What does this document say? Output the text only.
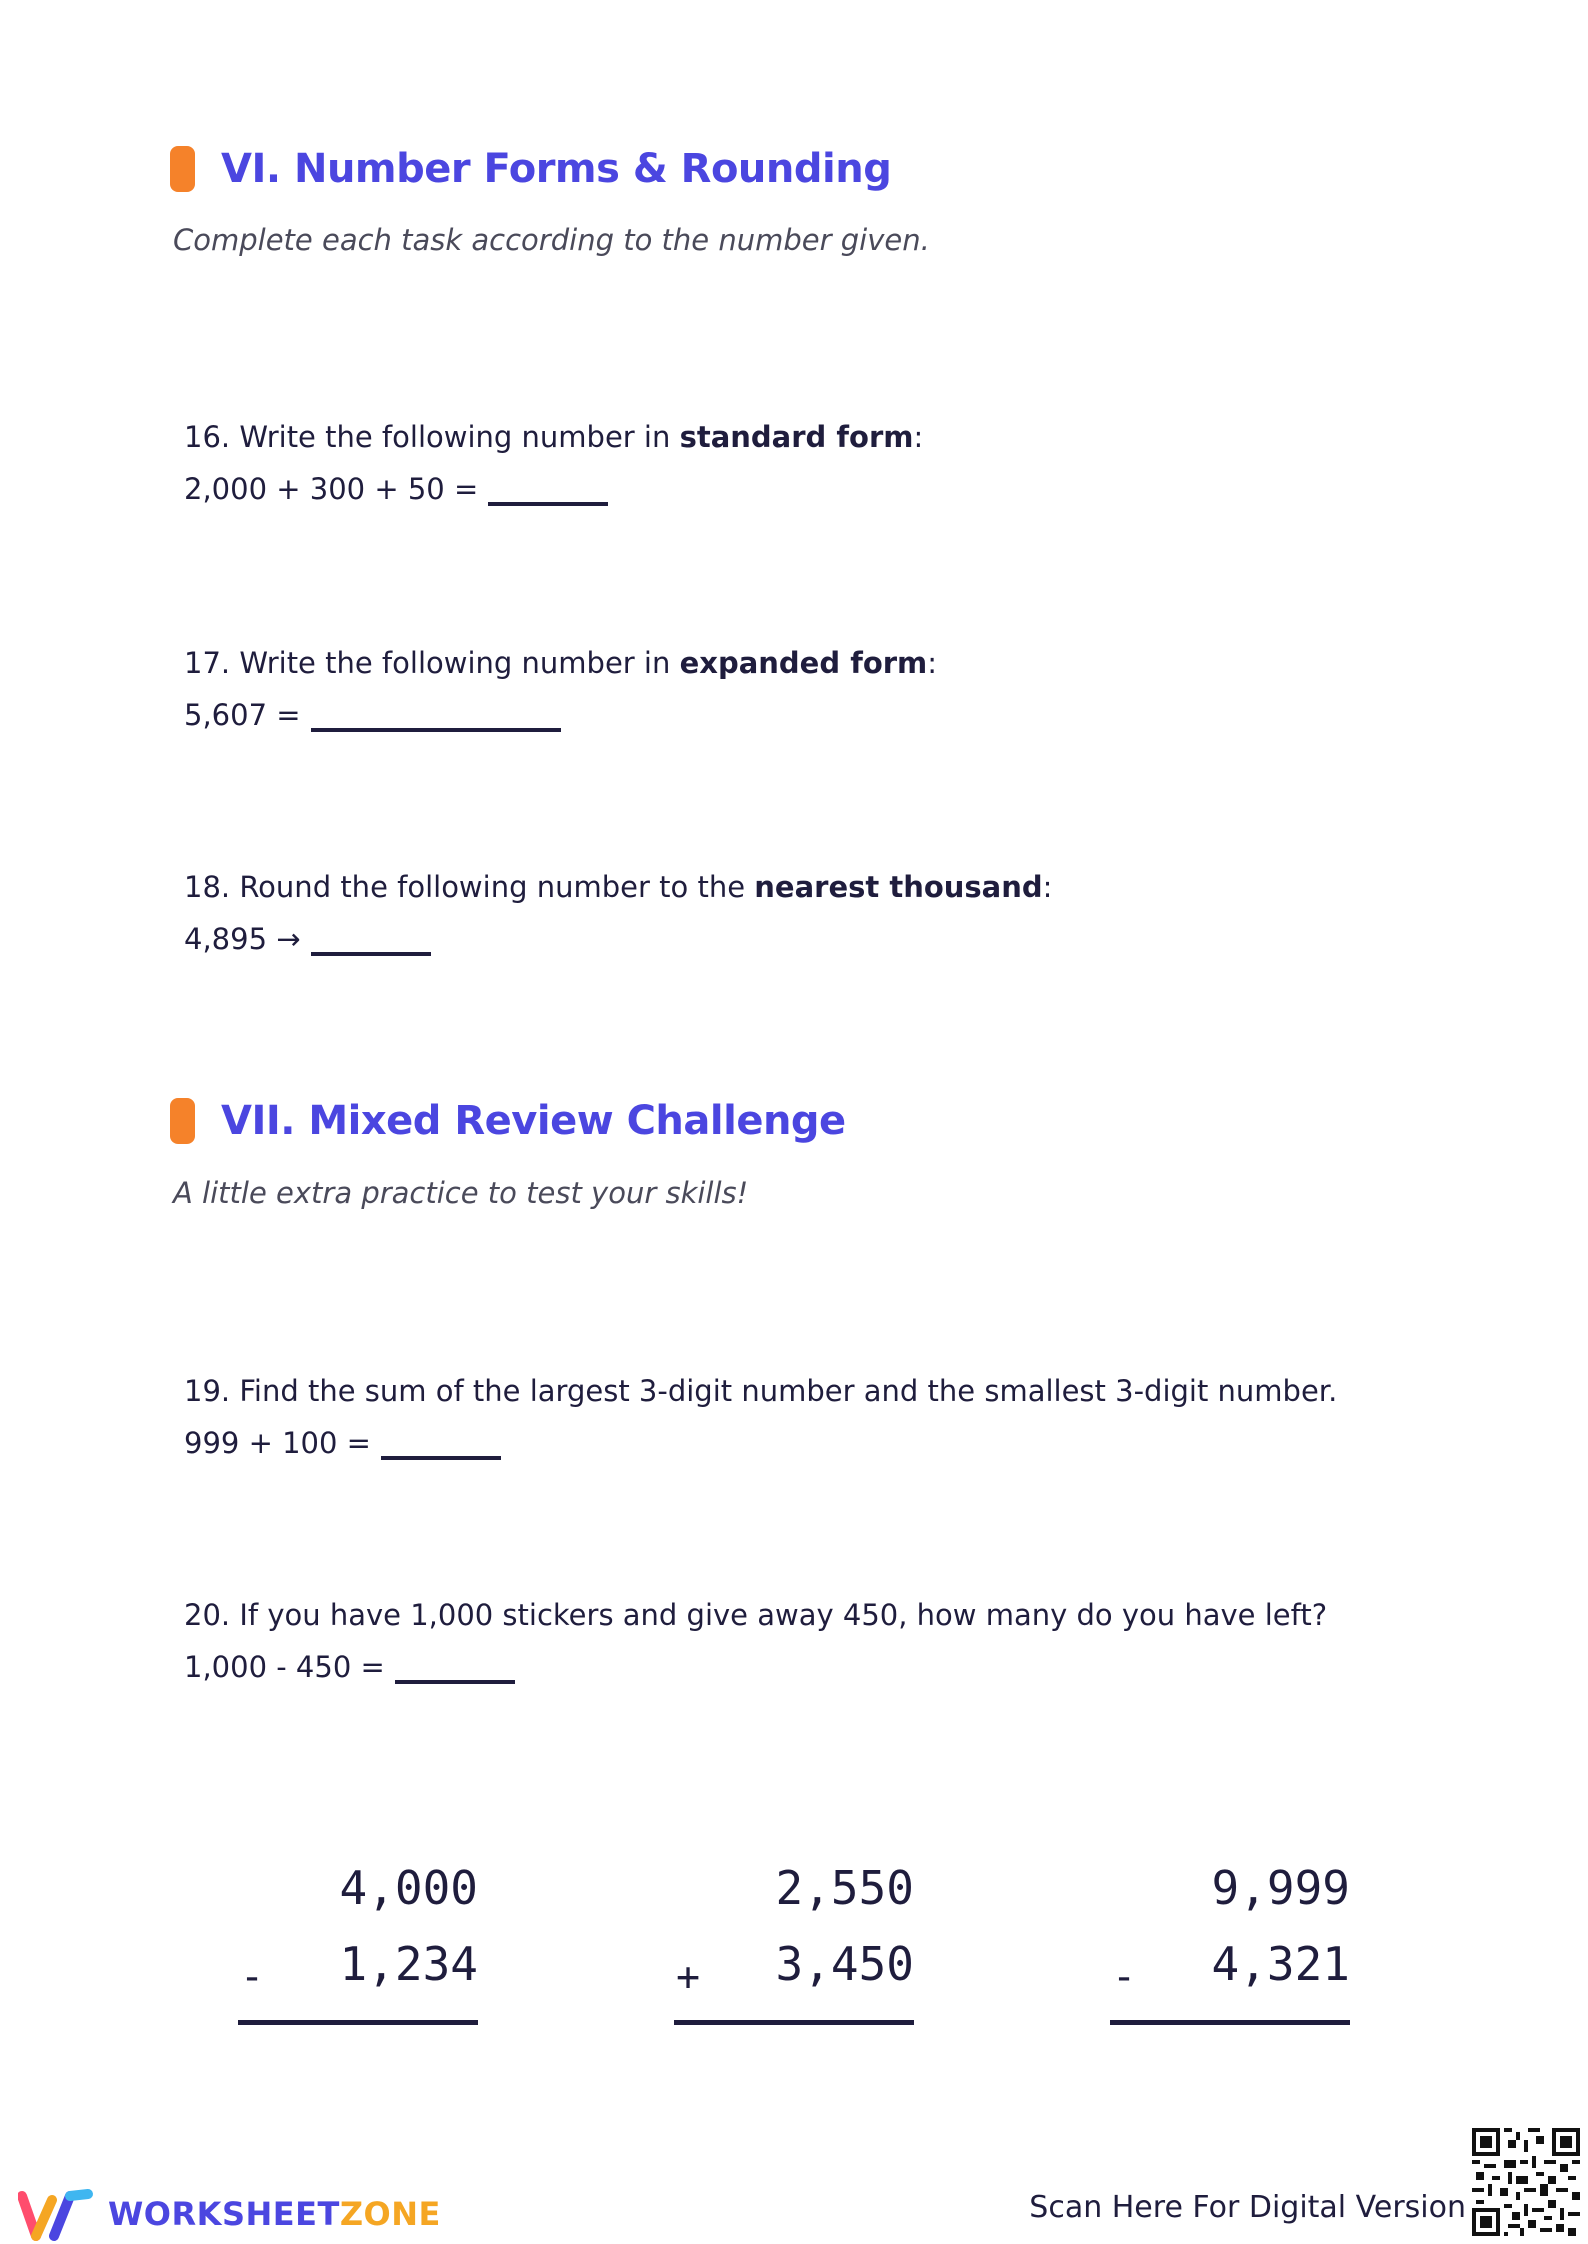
VI. Number Forms & Rounding
Complete each task according to the number given.
16. Write the following number in standard form:
2,000 + 300 + 50 =
17. Write the following number in expanded form:
5,607 =
18. Round the following number to the nearest thousand:
4,895 →
VII. Mixed Review Challenge
A little extra practice to test your skills!
19. Find the sum of the largest 3-digit number and the smallest 3-digit number.
999 + 100 =
20. If you have 1,000 stickers and give away 450, how many do you have left?
1,000 - 450 =
4,000
1,234
-
2,550
3,450
+
9,999
4,321
-
WORKSHEETZONE	Scan Here For Digital Version
